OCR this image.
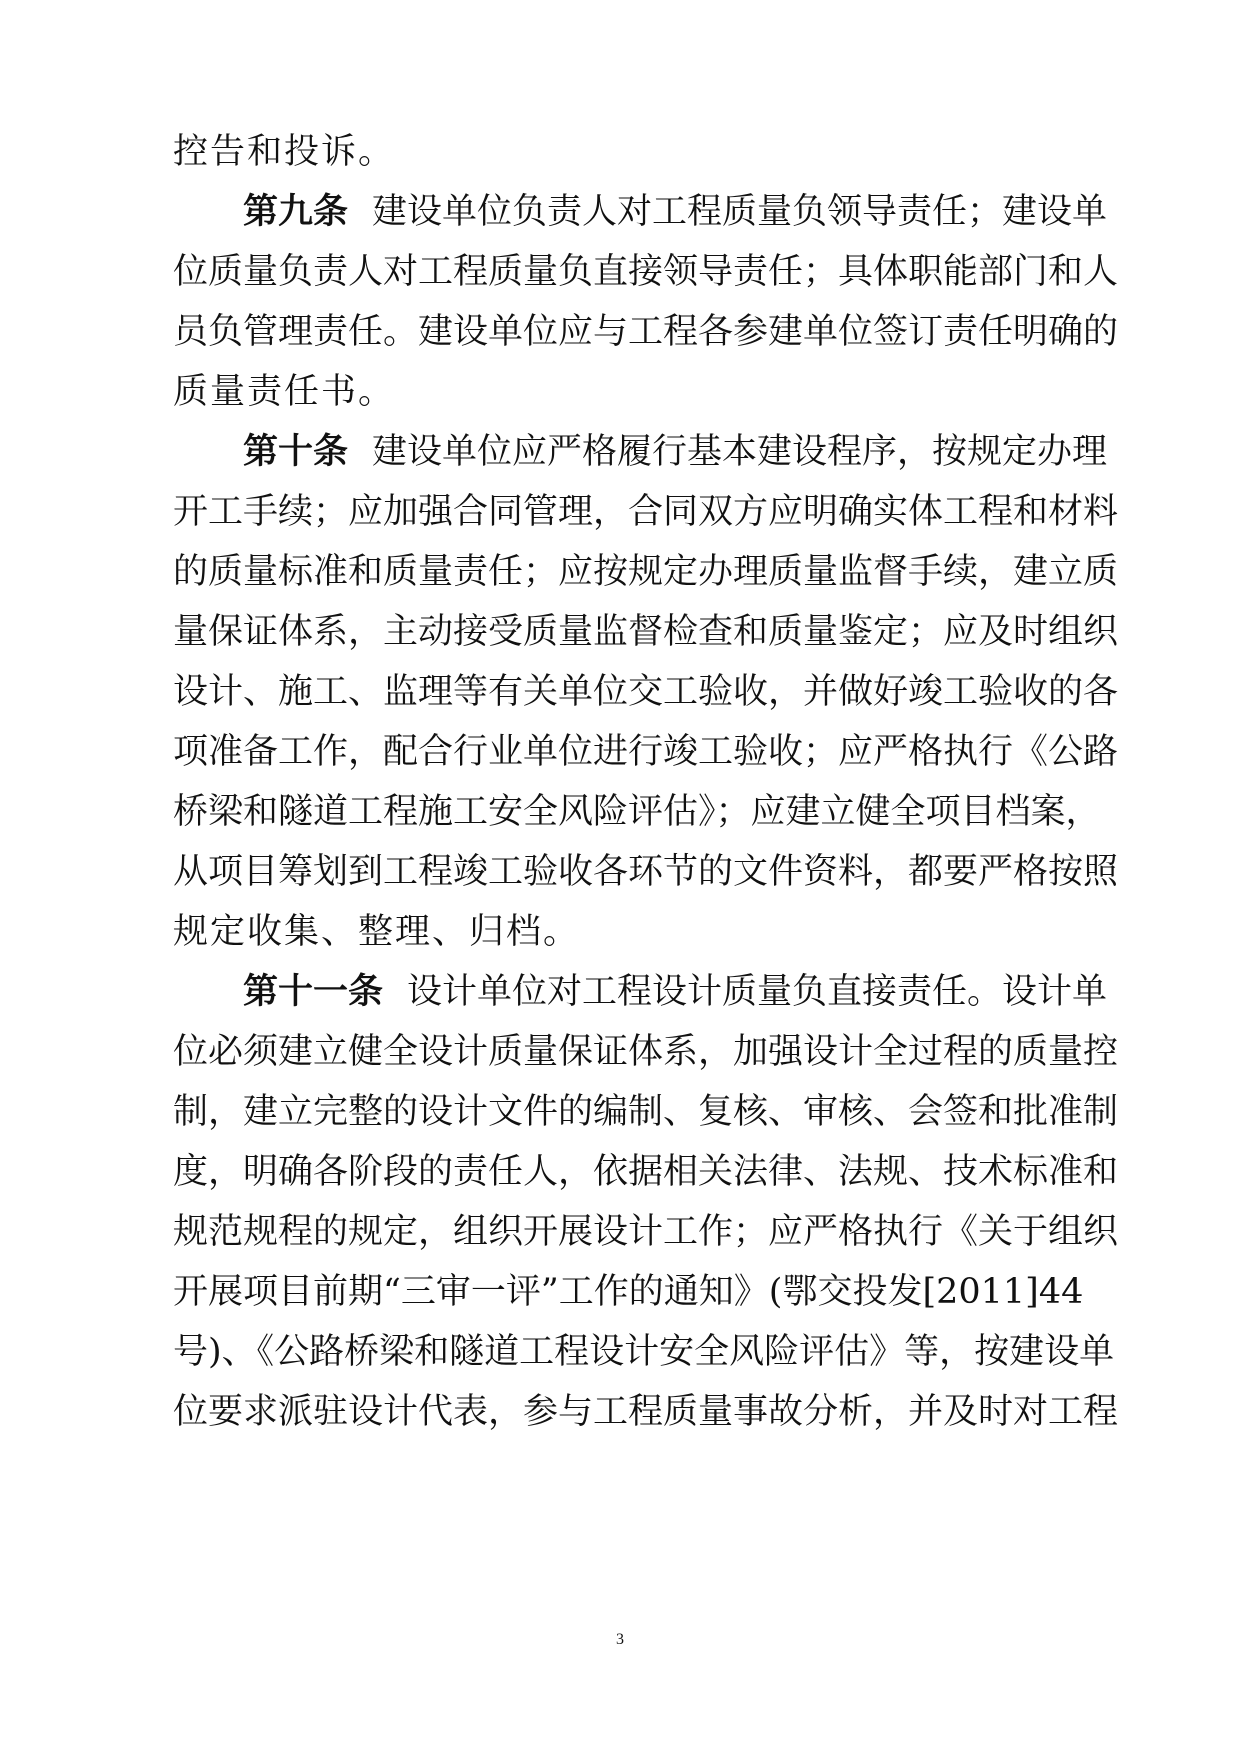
控告和投诉。
第九条 建设单位负责人对工程质量负领导责任；建设单
位质量负责人对工程质量负直接领导责任；具体职能部门和人
员负管理责任。建设单位应与工程各参建单位签订责任明确的
质量责任书。
第十条 建设单位应严格履行基本建设程序，按规定办理
开工手续；应加强合同管理，合同双方应明确实体工程和材料
的质量标准和质量责任；应按规定办理质量监督手续，建立质
量保证体系，主动接受质量监督检查和质量鉴定；应及时组织
设计、施工、监理等有关单位交工验收，并做好竣工验收的各
项准备工作，配合行业单位进行竣工验收；应严格执行《公路
桥梁和隧道工程施工安全风险评估》；应建立健全项目档案，
从项目筹划到工程竣工验收各环节的文件资料，都要严格按照
规定收集、整理、归档。
第十一条 设计单位对工程设计质量负直接责任。设计单
位必须建立健全设计质量保证体系，加强设计全过程的质量控
制，建立完整的设计文件的编制、复核、审核、会签和批准制
度，明确各阶段的责任人，依据相关法律、法规、技术标准和
规范规程的规定，组织开展设计工作；应严格执行《关于组织
开展项目前期“三审一评”工作的通知》(鄂交投发[2011]44
号)、《公路桥梁和隧道工程设计安全风险评估》等，按建设单
位要求派驻设计代表，参与工程质量事故分析，并及时对工程
3
